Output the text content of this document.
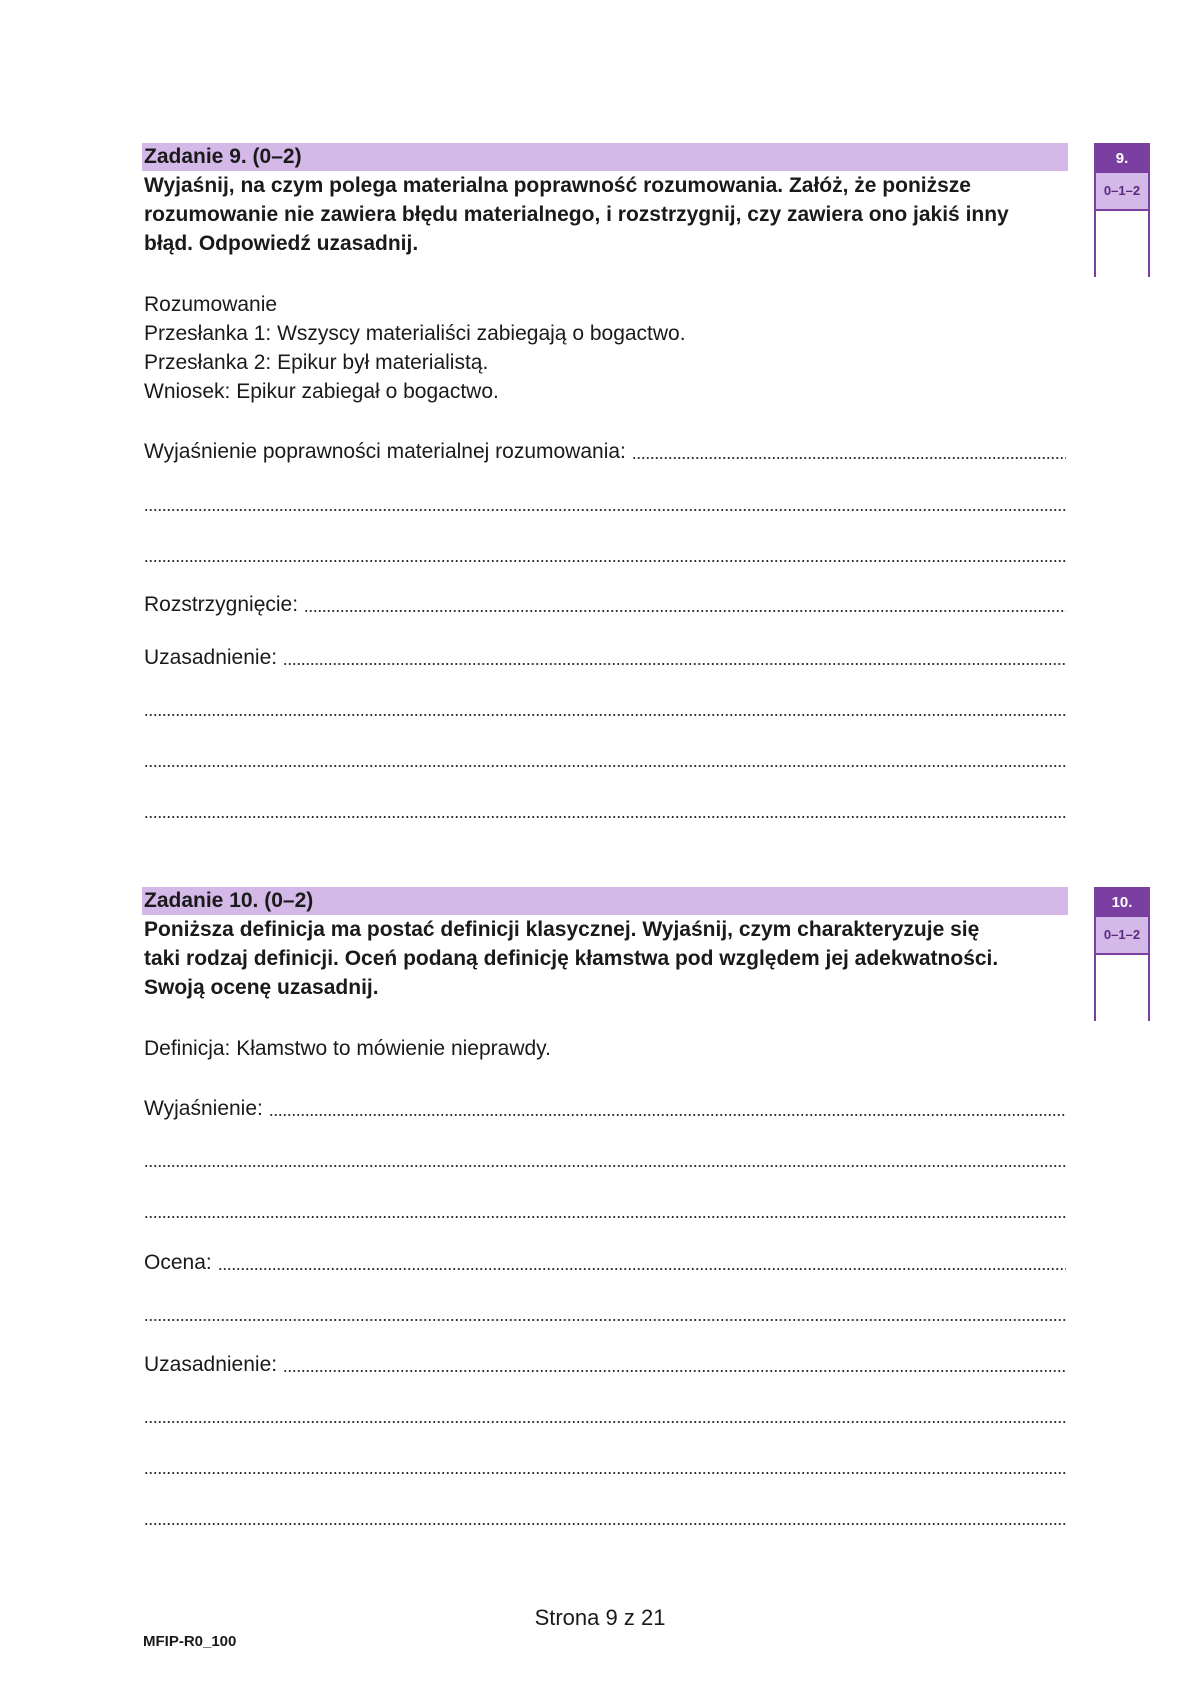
Zadanie 9. (0–2)
Wyjaśnij, na czym polega materialna poprawność rozumowania. Załóż, że poniższe
rozumowanie nie zawiera błędu materialnego, i rozstrzygnij, czy zawiera ono jakiś inny
błąd. Odpowiedź uzasadnij.
9.
0–1–2
Rozumowanie
Przesłanka 1: Wszyscy materialiści zabiegają o bogactwo.
Przesłanka 2: Epikur był materialistą.
Wniosek: Epikur zabiegał o bogactwo.
Wyjaśnienie poprawności materialnej rozumowania:
Rozstrzygnięcie:
Uzasadnienie:
Zadanie 10. (0–2)
Poniższa definicja ma postać definicji klasycznej. Wyjaśnij, czym charakteryzuje się
taki rodzaj definicji. Oceń podaną definicję kłamstwa pod względem jej adekwatności.
Swoją ocenę uzasadnij.
10.
0–1–2
Definicja: Kłamstwo to mówienie nieprawdy.
Wyjaśnienie:
Ocena:
Uzasadnienie:
Strona 9 z 21
MFIP-R0_100
